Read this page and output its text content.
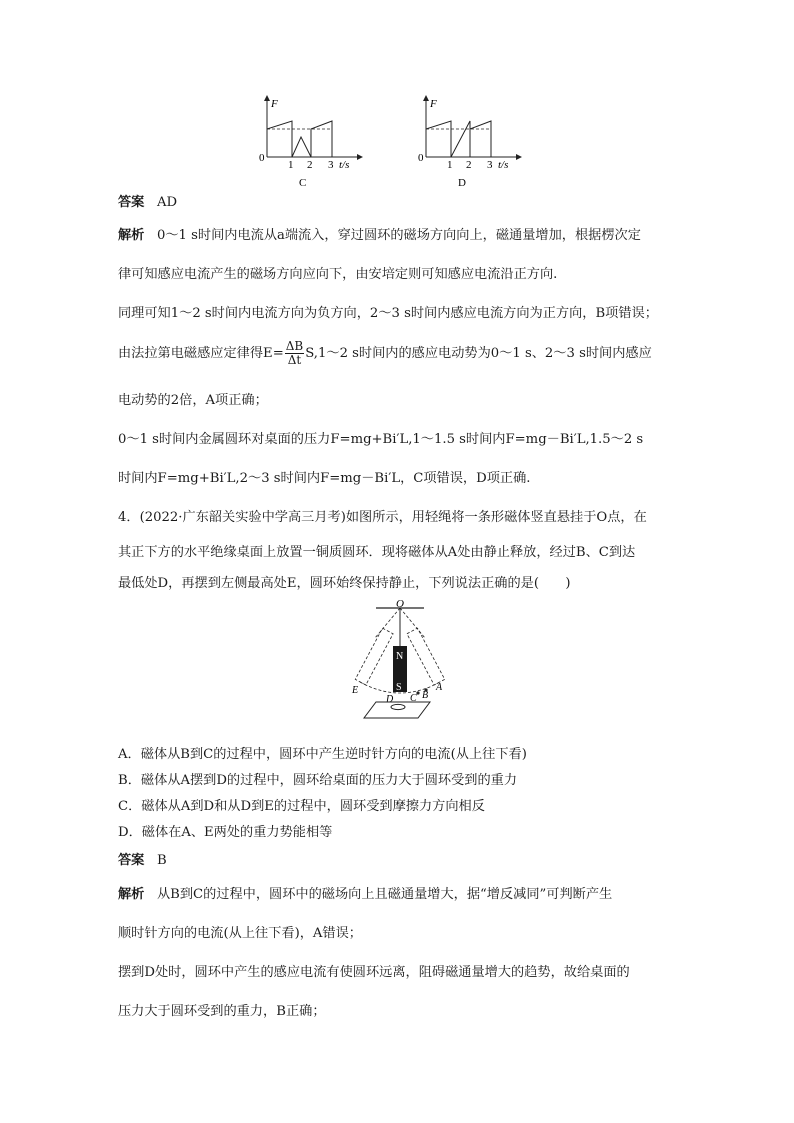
F
0
1 2 3 t/s
C
F
0
1 2 3 t/s
D
答案 AD
解析 0～1 s时间内电流从a端流入，穿过圆环的磁场方向向上，磁通量增加，根据楞次定
律可知感应电流产生的磁场方向应向下，由安培定则可知感应电流沿正方向.
同理可知1～2 s时间内电流方向为负方向，2～3 s时间内感应电流方向为正方向，B项错误；
由法拉第电磁感应定律得$E= \frac{\Delta B}{\Delta t}$ S,1～2 s时间内的感应电动势为0～1 s、2～3 s时间内感应
电动势的2倍，A项正确；
0～1 s时间内金属圆环对桌面的压力F=mg+Bi′L,1～1.5 s时间内F=mg－Bi′L,1.5～2 s
时间内F=mg+Bi′L,2～3 s时间内F=mg－Bi′L，C项错误，D项正确.
4．(2022·广东韶关实验中学高三月考)如图所示，用轻绳将一条形磁体竖直悬挂于O点，在
其正下方的水平绝缘桌面上放置一铜质圆环．现将磁体从A处由静止释放，经过B、C到达
最低处D，再摆到左侧最高处E，圆环始终保持静止，下列说法正确的是(　　)
O
N
S
E
D C B
A
A．磁体从B到C的过程中，圆环中产生逆时针方向的电流(从上往下看)
B．磁体从A摆到D的过程中，圆环给桌面的压力大于圆环受到的重力
C．磁体从A到D和从D到E的过程中，圆环受到摩擦力方向相反
D．磁体在A、E两处的重力势能相等
答案 B
解析 从B到C的过程中，圆环中的磁场向上且磁通量增大，据“增反减同”可判断产生
顺时针方向的电流(从上往下看)，A错误；
摆到D处时，圆环中产生的感应电流有使圆环远离，阻碍磁通量增大的趋势，故给桌面的
压力大于圆环受到的重力，B正确；
